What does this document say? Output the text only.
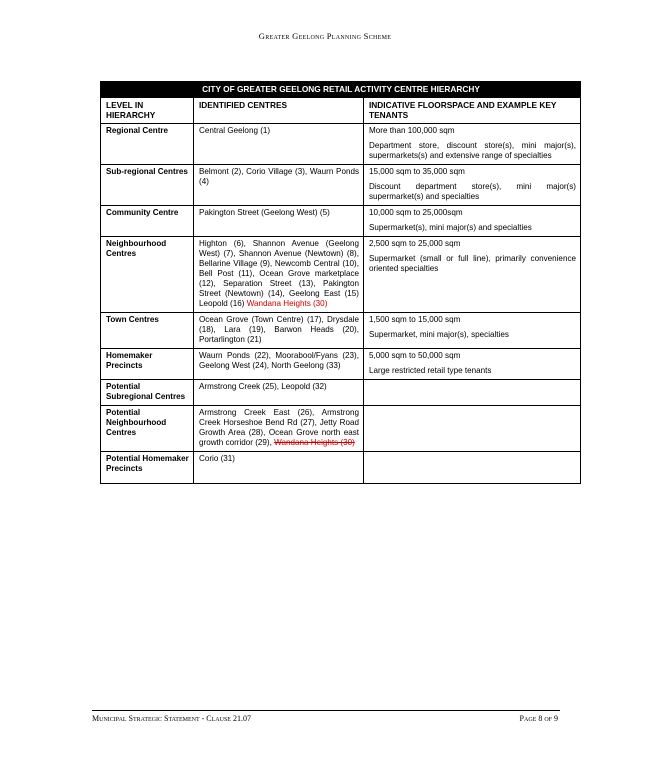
Greater Geelong Planning Scheme
CITY OF GREATER GEELONG RETAIL ACTIVITY CENTRE HIERARCHY		
LEVEL IN HIERARCHY	IDENTIFIED CENTRES	INDICATIVE FLOORSPACE AND EXAMPLE KEY TENANTS
Regional Centre	Central Geelong (1)	More than 100,000 sqm
Department store, discount store(s), mini major(s), supermarkets(s) and extensive range of specialties

Sub-regional Centres	Belmont (2), Corio Village (3), Waurn Ponds (4)	15,000 sqm to 35,000 sqm
Discount department store(s), mini major(s) supermarket(s) and specialties

Community Centre	Pakington Street (Geelong West) (5)	10,000 sqm to 25,000sqm
Supermarket(s), mini major(s) and specialties

Neighbourhood Centres	Highton (6), Shannon Avenue (Geelong West) (7), Shannon Avenue (Newtown) (8), Bellarine Village (9), Newcomb Central (10), Bell Post (11), Ocean Grove marketplace (12), Separation Street (13), Pakington Street (Newtown) (14), Geelong East (15) Leopold (16) Wandana Heights (30)	2,500 sqm to 25,000 sqm
Supermarket (small or full line), primarily convenience oriented specialties

Town Centres	Ocean Grove (Town Centre) (17), Drysdale (18), Lara (19), Barwon Heads (20), Portarlington (21)	1,500 sqm to 15,000 sqm
Supermarket, mini major(s), specialties

Homemaker Precincts	Waurn Ponds (22), Moorabool/Fyans (23), Geelong West (24), North Geelong (33)	5,000 sqm to 50,000 sqm
Large restricted retail type tenants

Potential Subregional Centres	Armstrong Creek (25), Leopold (32)	
Potential Neighbourhood Centres	Armstrong Creek East (26), Armstrong Creek Horseshoe Bend Rd (27), Jetty Road Growth Area (28), Ocean Grove north east growth corridor (29), Wandana Heights (30)	
Potential Homemaker Precincts	Corio (31)	
Municipal Strategic Statement - Clause 21.07	Page 8 of 9
